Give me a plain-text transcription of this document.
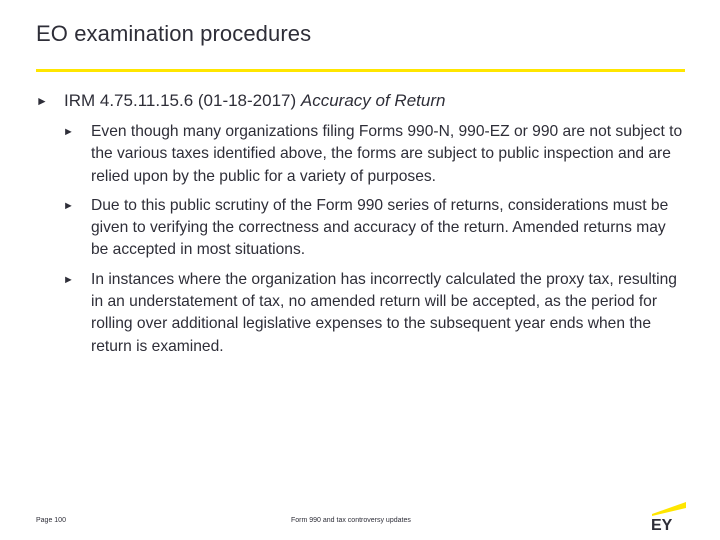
EO examination procedures
► IRM 4.75.11.15.6 (01-18-2017) Accuracy of Return
► Even though many organizations filing Forms 990-N, 990-EZ or 990 are not subject to the various taxes identified above, the forms are subject to public inspection and are relied upon by the public for a variety of purposes.
► Due to this public scrutiny of the Form 990 series of returns, considerations must be given to verifying the correctness and accuracy of the return. Amended returns may be accepted in most situations.
► In instances where the organization has incorrectly calculated the proxy tax, resulting in an understatement of tax, no amended return will be accepted, as the period for rolling over additional legislative expenses to the subsequent year ends when the return is examined.
Page 100	Form 990 and tax controversy updates	EY
